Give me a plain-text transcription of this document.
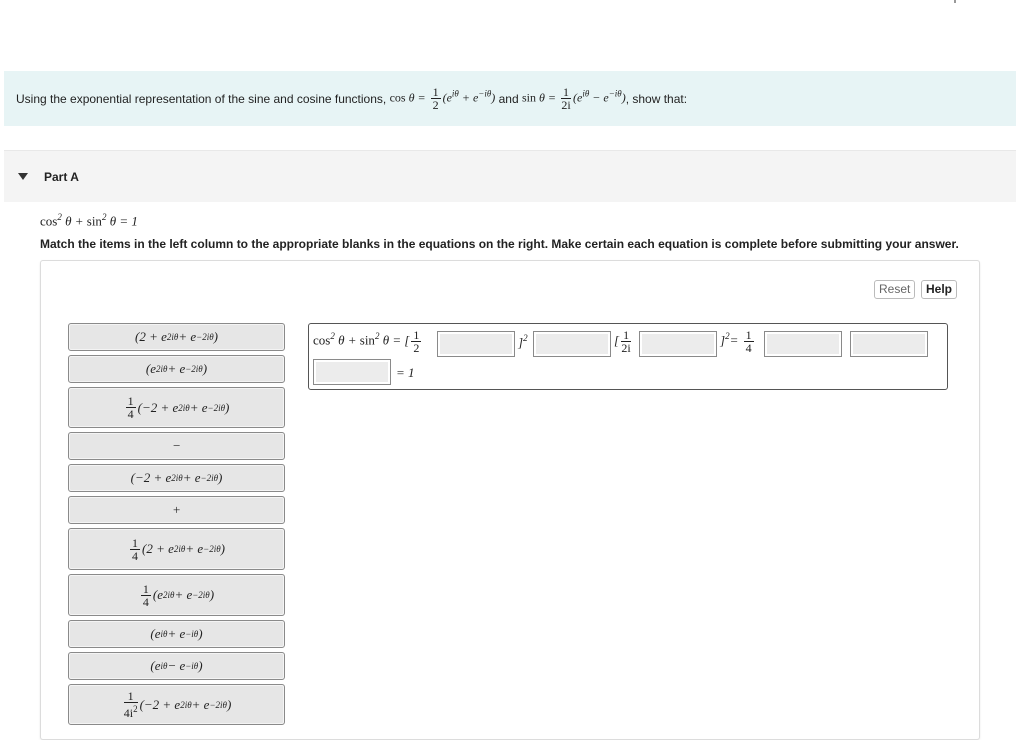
Using the exponential representation of the sine and cosine functions,
$\cos \theta = \frac{1}{2} (e^{i\theta} + e^{-i\theta})$
and
$\sin \theta = \frac{1}{2i} (e^{i\theta} - e^{-i\theta})$ , show that:
Part A
$\cos^2 \theta + \sin^2 \theta = 1$
Match the items in the left column to the appropriate blanks in the equations on the right. Make certain each equation is complete before submitting your answer.
Reset	Help
(2 + e 2iθ + e −2iθ )
(e 2iθ + e −2iθ )
$\frac{1}{4} (-2 + e$ 2iθ + e −2iθ )
−
(−2 + e 2iθ + e −2iθ )
+
$\frac{1}{4} (2 + e$ 2iθ + e −2iθ )
$\frac{1}{4} (e$ 2iθ + e −2iθ )
(e iθ + e −iθ )
(e iθ − e −iθ )
$\frac{1}{4i^2} (-2 + e$ 2iθ + e −2iθ )
$\cos^2 \theta + \sin^2 \theta$ = [ $\frac{1}{2}$	]$^2$	[ $\frac{1}{2i}$	]$^2= \frac{1}{4}$
= 1
